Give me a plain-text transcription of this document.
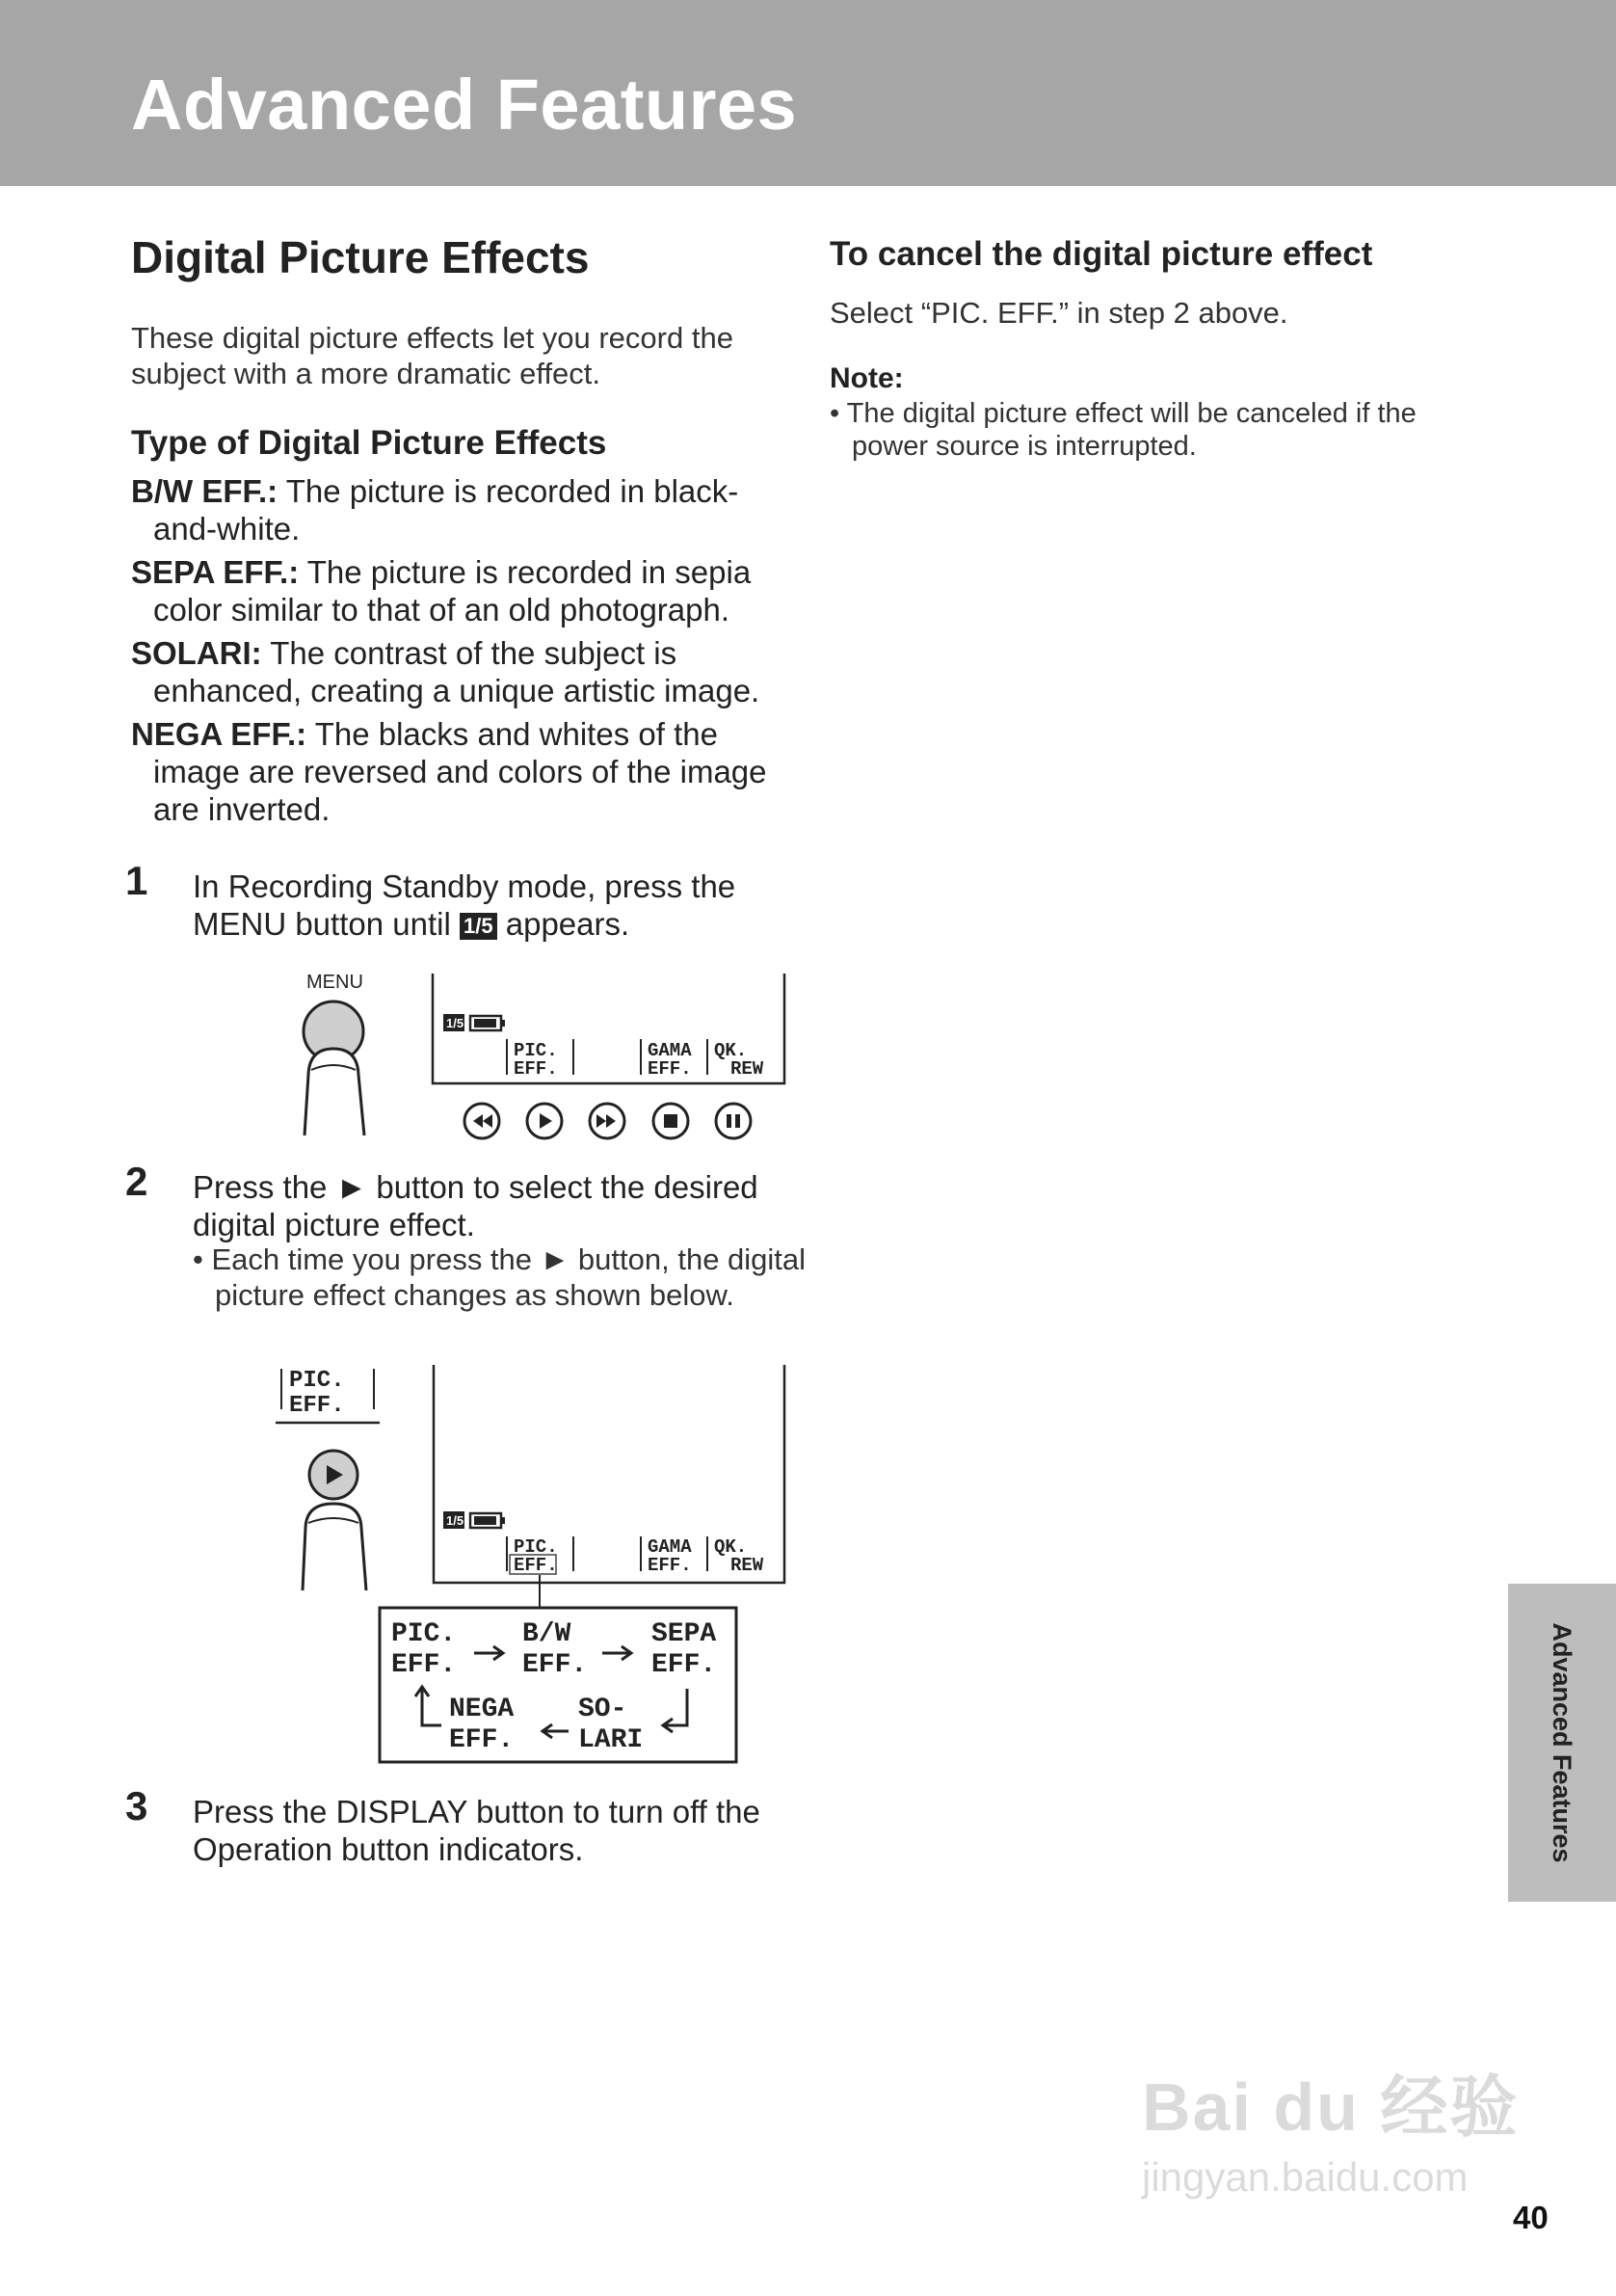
Advanced Features
Digital Picture Effects
These digital picture effects let you record the subject with a more dramatic effect.
Type of Digital Picture Effects
B/W EFF.: The picture is recorded in black-and-white.
SEPA EFF.: The picture is recorded in sepia color similar to that of an old photograph.
SOLARI: The contrast of the subject is enhanced, creating a unique artistic image.
NEGA EFF.: The blacks and whites of the image are reversed and colors of the image are inverted.
1 In Recording Standby mode, press the MENU button until 1/5 appears.
MENU
1/5
PIC.
EFF.
GAMA
EFF.
QK.
REW
2 Press the ► button to select the desired digital picture effect.
• Each time you press the ► button, the digital picture effect changes as shown below.
PIC.
EFF.
1/5
PIC.
EFF.
GAMA
EFF.
QK.
REW
PIC.
EFF.
B/W
EFF.
SEPA
EFF.
SO-
LARI
NEGA
EFF.
3 Press the DISPLAY button to turn off the Operation button indicators.
To cancel the digital picture effect
Select “PIC. EFF.” in step 2 above.
Note:
• The digital picture effect will be canceled if the power source is interrupted.
Advanced Features
Bai du 经验
jingyan.baidu.com
40
